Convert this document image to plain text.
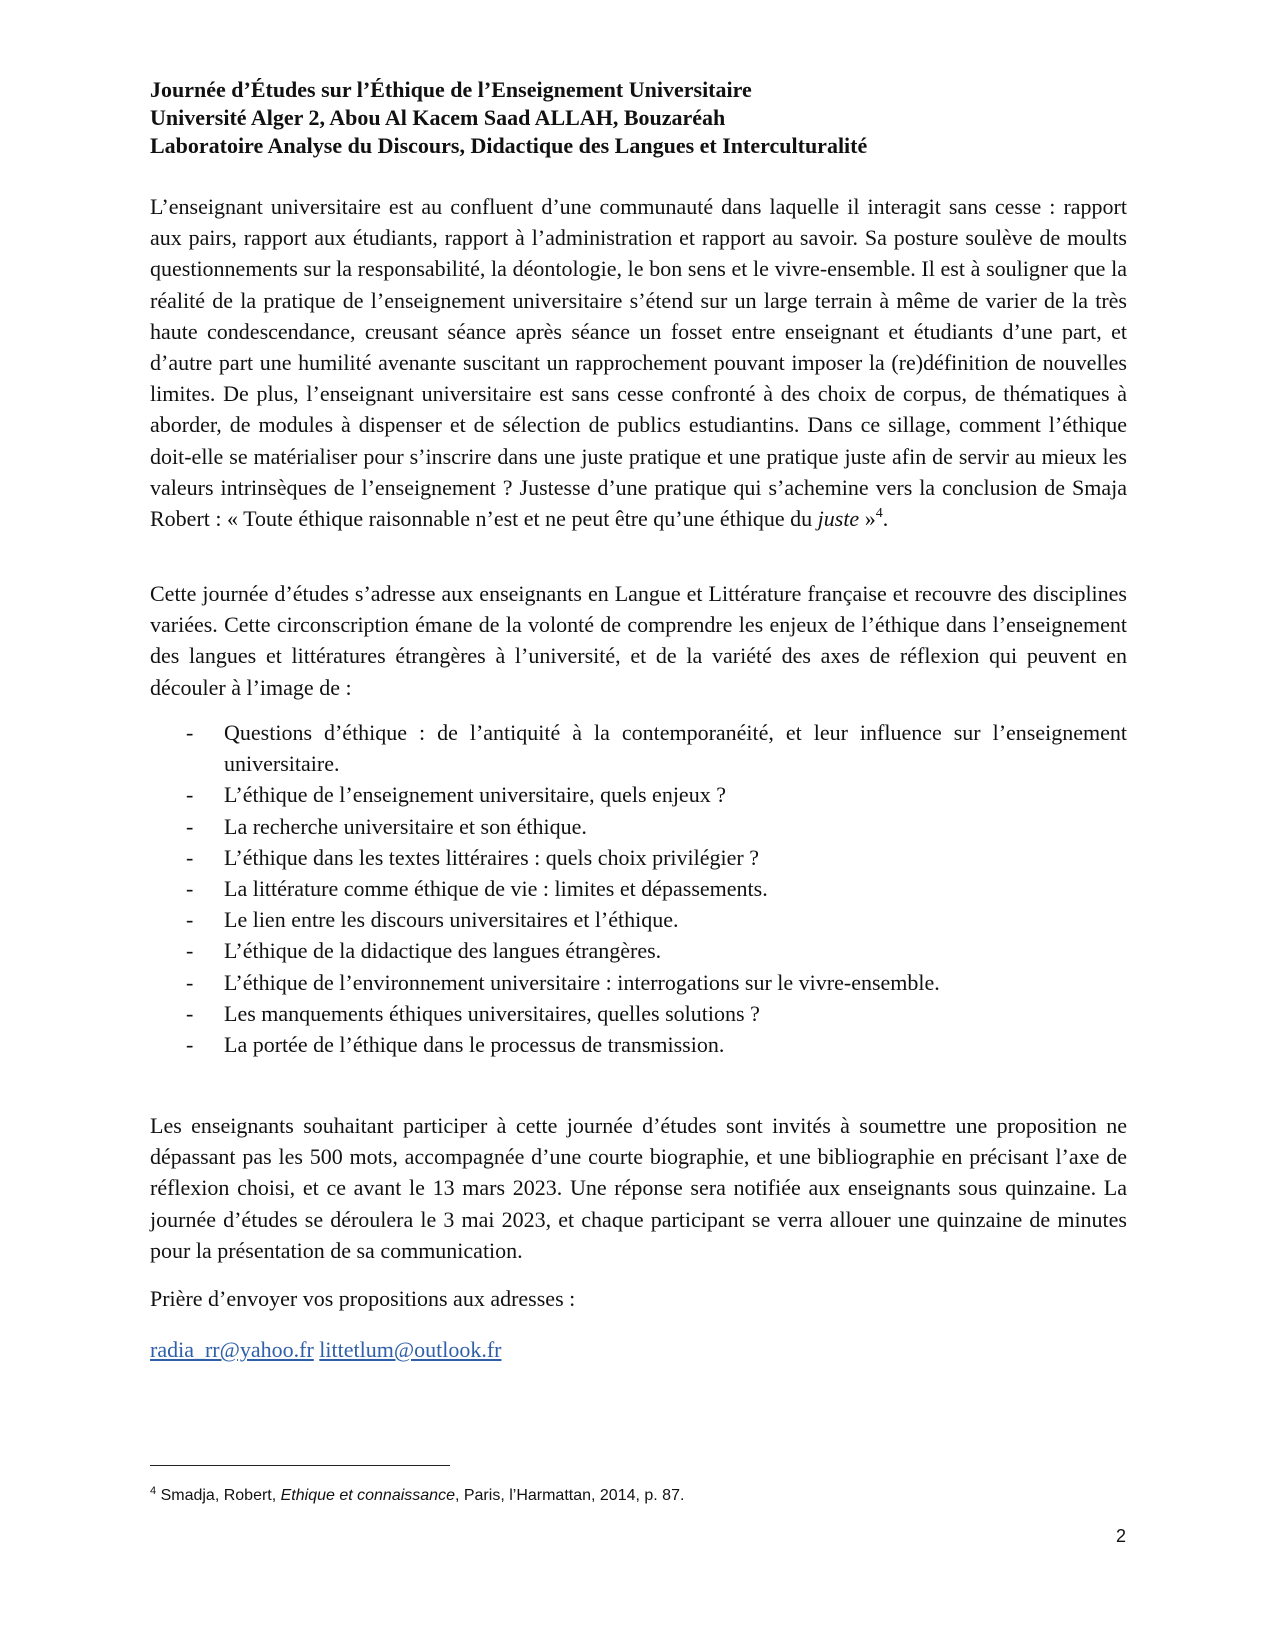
Journée d’Études sur l’Éthique de l’Enseignement Universitaire
Université Alger 2, Abou Al Kacem Saad ALLAH, Bouzaréah
Laboratoire Analyse du Discours, Didactique des Langues et Interculturalité

L’enseignant universitaire est au confluent d’une communauté dans laquelle il interagit sans cesse : rapport aux pairs, rapport aux étudiants, rapport à l’administration et rapport au savoir. Sa posture soulève de moults questionnements sur la responsabilité, la déontologie, le bon sens et le vivre-ensemble. Il est à souligner que la réalité de la pratique de l’enseignement universitaire s’étend sur un large terrain à même de varier de la très haute condescendance, creusant séance après séance un fosset entre enseignant et étudiants d’une part, et d’autre part une humilité avenante suscitant un rapprochement pouvant imposer la (re)définition de nouvelles limites. De plus, l’enseignant universitaire est sans cesse confronté à des choix de corpus, de thématiques à aborder, de modules à dispenser et de sélection de publics estudiantins. Dans ce sillage, comment l’éthique doit-elle se matérialiser pour s’inscrire dans une juste pratique et une pratique juste afin de servir au mieux les valeurs intrinsèques de l’enseignement ? Justesse d’une pratique qui s’achemine vers la conclusion de Smaja Robert : « Toute éthique raisonnable n’est et ne peut être qu’une éthique du juste »$^4$.

Cette journée d’études s’adresse aux enseignants en Langue et Littérature française et recouvre des disciplines variées. Cette circonscription émane de la volonté de comprendre les enjeux de l’éthique dans l’enseignement des langues et littératures étrangères à l’université, et de la variété des axes de réflexion qui peuvent en découler à l’image de :

- Questions d’éthique : de l’antiquité à la contemporanéité, et leur influence sur l’enseignement universitaire.
- L’éthique de l’enseignement universitaire, quels enjeux ?
- La recherche universitaire et son éthique.
- L’éthique dans les textes littéraires : quels choix privilégier ?
- La littérature comme éthique de vie : limites et dépassements.
- Le lien entre les discours universitaires et l’éthique.
- L’éthique de la didactique des langues étrangères.
- L’éthique de l’environnement universitaire : interrogations sur le vivre-ensemble.
- Les manquements éthiques universitaires, quelles solutions ?
- La portée de l’éthique dans le processus de transmission.

Les enseignants souhaitant participer à cette journée d’études sont invités à soumettre une proposition ne dépassant pas les 500 mots, accompagnée d’une courte biographie, et une bibliographie en précisant l’axe de réflexion choisi, et ce avant le 13 mars 2023. Une réponse sera notifiée aux enseignants sous quinzaine. La journée d’études se déroulera le 3 mai 2023, et chaque participant se verra allouer une quinzaine de minutes pour la présentation de sa communication.

Prière d’envoyer vos propositions aux adresses :

radia_rr@yahoo.fr littetlum@outlook.fr
$^4$ Smadja, Robert, Ethique et connaissance, Paris, l’Harmattan, 2014, p. 87.
2
